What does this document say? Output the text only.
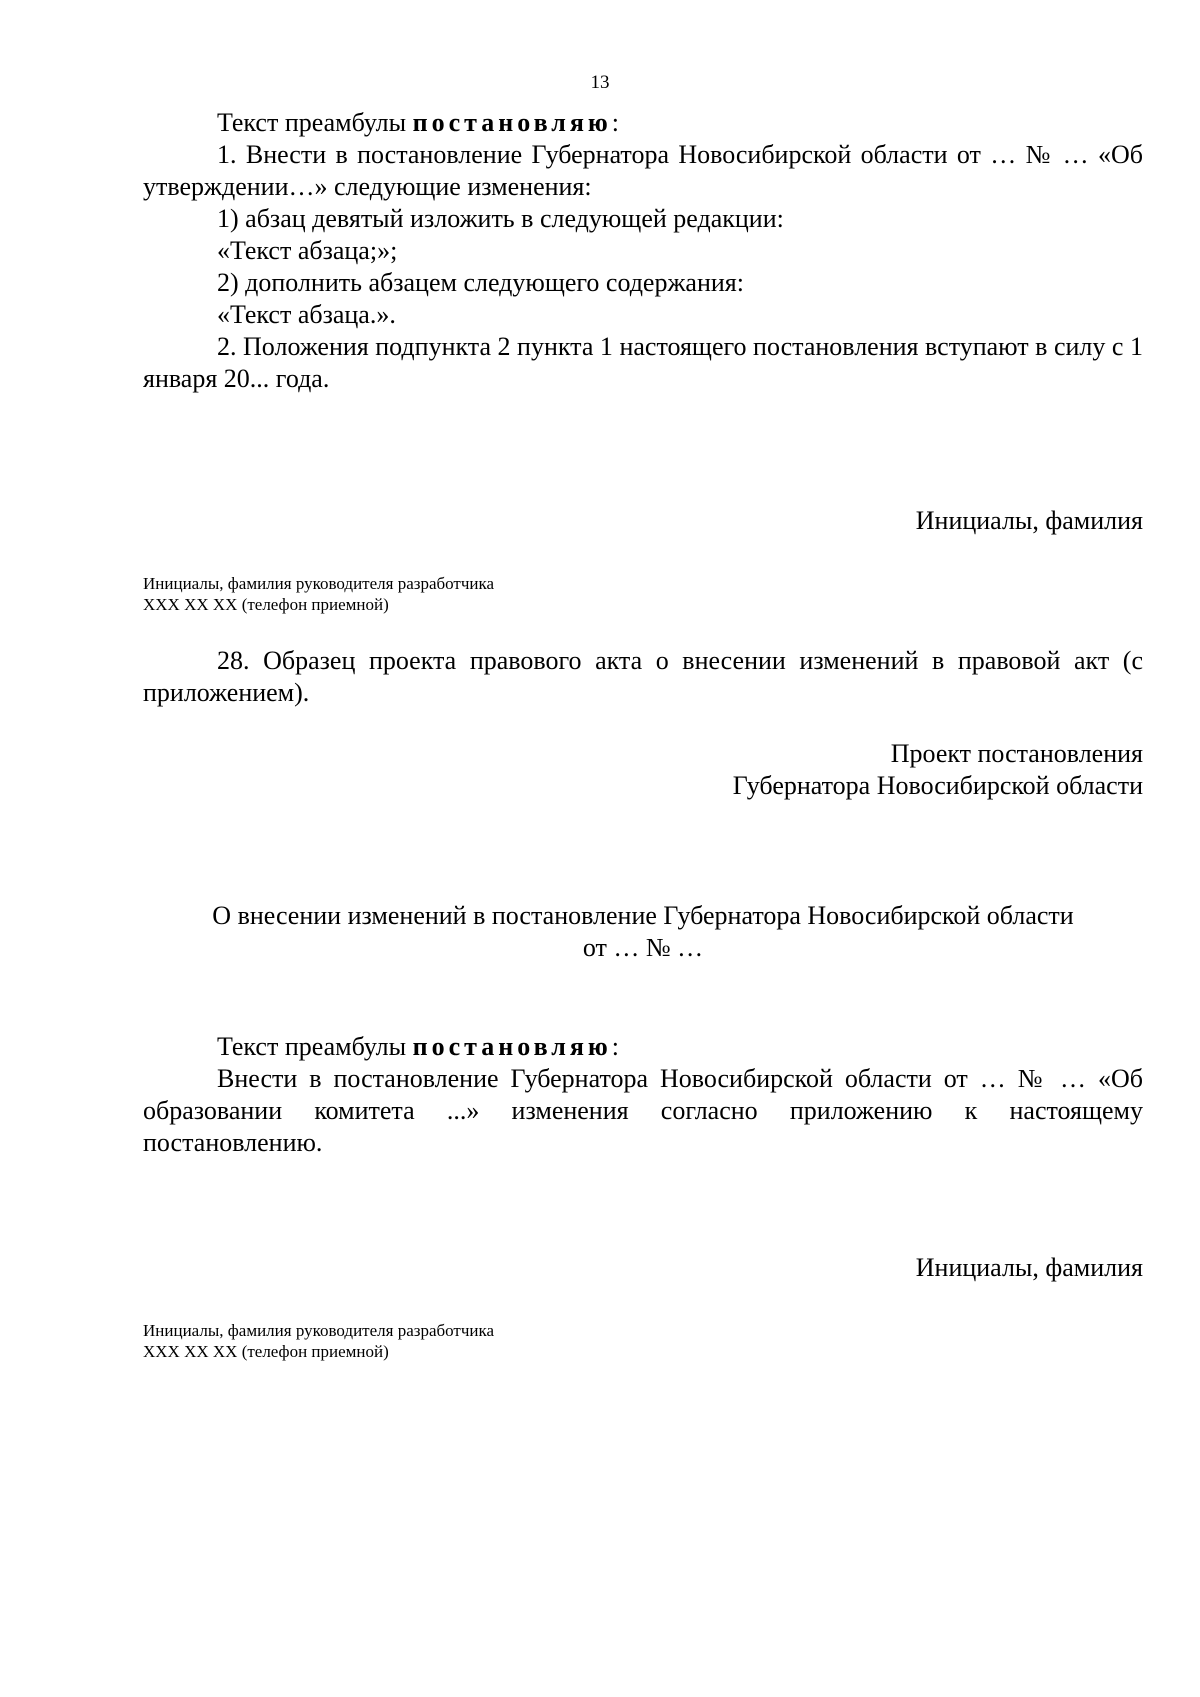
13

Текст преамбулы постановляю:

1. Внести в постановление Губернатора Новосибирской области от … № … «Об утверждении…» следующие изменения:

1) абзац девятый изложить в следующей редакции:

«Текст абзаца;»;

2) дополнить абзацем следующего содержания:

«Текст абзаца.».

2. Положения подпункта 2 пункта 1 настоящего постановления вступают в силу с 1 января 20... года.

Инициалы, фамилия
Инициалы, фамилия руководителя разработчика
ХХХ ХХ ХХ (телефон приемной)

28. Образец проекта правового акта о внесении изменений в правовой акт (с приложением).

Проект постановления
Губернатора Новосибирской области
О внесении изменений в постановление Губернатора Новосибирской области
от … № …

Текст преамбулы постановляю:

Внести в постановление Губернатора Новосибирской области от … № … «Об образовании комитета ...» изменения согласно приложению к настоящему постановлению.

Инициалы, фамилия
Инициалы, фамилия руководителя разработчика
ХХХ ХХ ХХ (телефон приемной)
